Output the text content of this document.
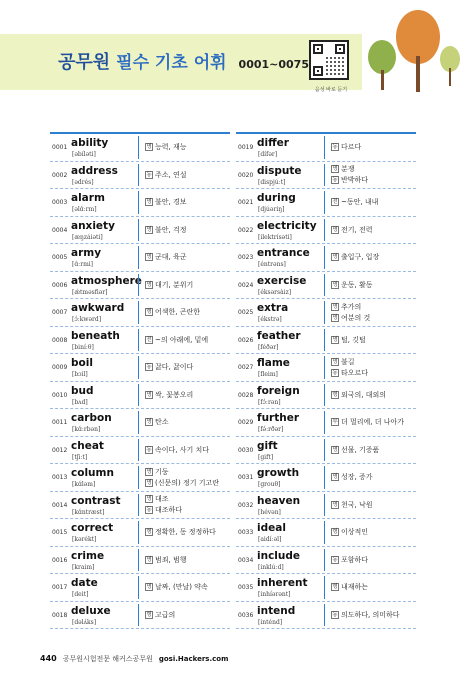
공무원 필수 기초 어휘 0001~0075
음성 바로 듣기
0001 ability
[əbíləti]
명 능력, 재능
0002 address
[ədrés]
동 주소, 연설
0003 alarm
[əlɑ́ːrm]
명 불안, 경보
0004 anxiety
[æŋzáiəti]
명 불안, 걱정
0005 army
[ɑ́ːrmi]
명 군대, 육군
0006 atmosphere
[ǽtməsfiər]
명 대기, 분위기
0007 awkward
[ɔ́ːkwərd]
형 어색한, 곤란한
0008 beneath
[biníːθ]
전 ~의 아래에, 밑에
0009 boil
[bɔil]
동 끓다, 끓이다
0010 bud
[bʌd]
명 싹, 꽃봉오리
0011 carbon
[kɑ́ːrbən]
명 탄소
0012 cheat
[tʃiːt]
동 속이다, 사기 치다
0013 column
[kɑ́ləm]
명 기둥
명 (신문의) 정기 기고란
0014 contrast
[kɑ́ntræst]
명 대조
동 대조하다
0015 correct
[kərékt]
형 정확한, 동 정정하다
0016 crime
[kraim]
명 범죄, 범행
0017 date
[deit]
명 날짜, (만날) 약속
0018 deluxe
[dəlʌ́ks]
형 고급의
0019 differ
[dífər]
동 다르다
0020 dispute
[dispjúːt]
명 분쟁
동 반박하다
0021 during
[djúəriŋ]
전 ~동안, 내내
0022 electricity
[ilektrísəti]
명 전기, 전력
0023 entrance
[éntrəns]
명 출입구, 입장
0024 exercise
[éksərsàiz]
명 운동, 활동
0025 extra
[ékstrə]
명 추가의
명 여분의 것
0026 feather
[féðər]
명 털, 깃털
0027 flame
[fleim]
명 불길
동 타오르다
0028 foreign
[fɔ́ːrən]
형 외국의, 대외의
0029 further
[fə́ːrðər]
부 더 멀리에, 더 나아가
0030 gift
[gift]
명 선물, 기증품
0031 growth
[grouθ]
명 성장, 증가
0032 heaven
[hévən]
명 천국, 낙원
0033 ideal
[aidíːəl]
형 이상적인
0034 include
[inklúːd]
동 포함하다
0035 inherent
[inhíərənt]
형 내재하는
0036 intend
[inténd]
동 의도하다, 의미하다
440 공무원시험전문 해커스공무원 gosi.Hackers.com
